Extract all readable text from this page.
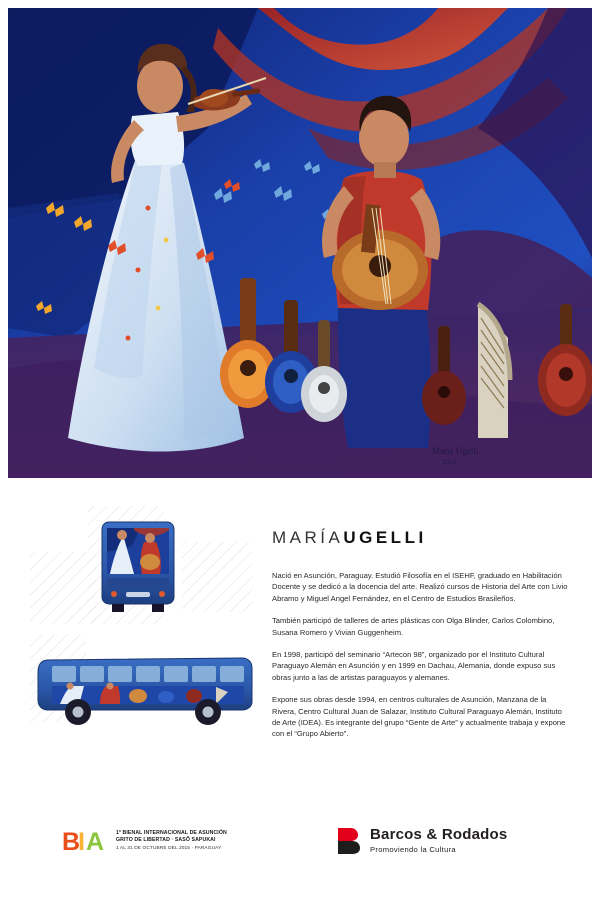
María Ugelli
2015
MARÍAUGELLI

Nació en Asunción, Paraguay. Estudió Filosofía en el ISEHF, graduado en Habilitación Docente y se dedicó a la docencia del arte. Realizó cursos de Historia del Arte con Livio Abramo y Miguel Angel Fernández, en el Centro de Estudios Brasileños.

También participó de talleres de artes plásticas con Olga Blinder, Carlos Colombino, Susana Romero y Vivian Guggenheim.

En 1998, participó del seminario “Artecon 98”, organizado por el Instituto Cultural Paraguayo Alemán en Asunción y en 1999 en Dachau, Alemania, donde expuso sus obras junto a las de artistas paraguayos y alemanes.

Expone sus obras desde 1994, en centros culturales de Asunción, Manzana de la Rivera, Centro Cultural Juan de Salazar, Instituto Cultural Paraguayo Alemán, Instituto de Arte (IDEA). Es integrante del grupo “Gente de Arte” y actualmente trabaja y expone con el “Grupo Abierto”.

B
I A 1ª BIENAL INTERNACIONAL DE ASUNCIÓN
GRITO DE LIBERTAD · SASÕ SAPUKAI
1 AL 31 DE OCTUBRE DEL 2015 · PARAGUAY
Barcos & Rodados
Promoviendo la Cultura
